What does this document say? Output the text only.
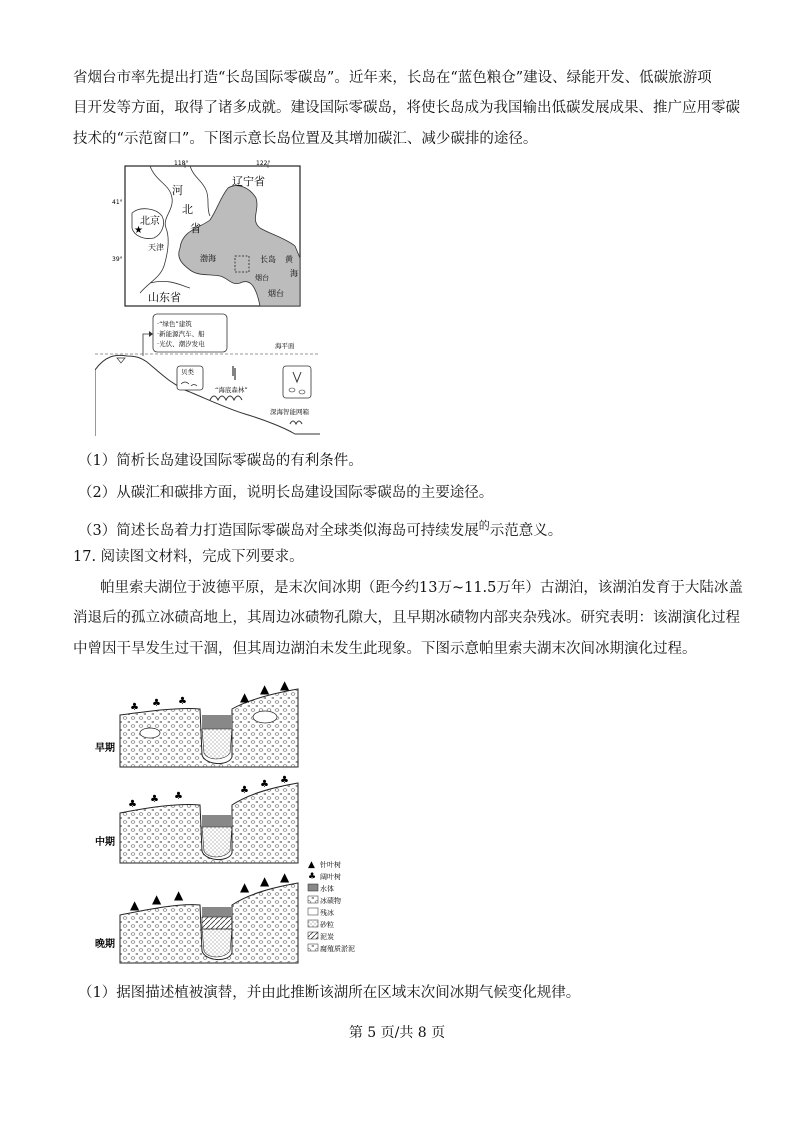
省烟台市率先提出打造“长岛国际零碳岛”。近年来，长岛在“蓝色粮仓”建设、绿能开发、低碳旅游项
目开发等方面，取得了诸多成就。建设国际零碳岛，将使长岛成为我国输出低碳发展成果、推广应用零碳
技术的“示范窗口”。下图示意长岛位置及其增加碳汇、减少碳排的途径。
118°	122°
41°
39°
河
北
省
辽宁省
北京
★
天津
渤海	长岛 黄
海
烟台
烟台
山东省
·“绿色”建筑
·新能源汽车、船
·光伏、潮汐发电	海平面
贝类
“海底森林”
深海智能网箱
（1）简析长岛建设国际零碳岛的有利条件。
（2）从碳汇和碳排方面，说明长岛建设国际零碳岛的主要途径。
（3）简述长岛着力打造国际零碳岛对全球类似海岛可持续发展$^的$示范意义。
17. 阅读图文材料，完成下列要求。
帕里索夫湖位于波德平原，是末次间冰期（距今约13万~11.5万年）古湖泊，该湖泊发育于大陆冰盖
消退后的孤立冰碛高地上，其周边冰碛物孔隙大，且早期冰碛物内部夹杂残冰。研究表明：该湖演化过程
中曾因干旱发生过干涸，但其周边湖泊未发生此现象。下图示意帕里索夫湖末次间冰期演化过程。
♣ ♣ ♣	▲
▲ ▲
早期
♣ ♣ ♣
♣
♣ ♣
中期
▲ ▲ ▲
▲ ▲ ▲
晚期
▲ 针叶树
♣ 阔叶树
水体
冰碛物
残冰
砂粒
泥炭
腐殖质淤泥
（1）据图描述植被演替，并由此推断该湖所在区域末次间冰期气候变化规律。
第 5 页/共 8 页
